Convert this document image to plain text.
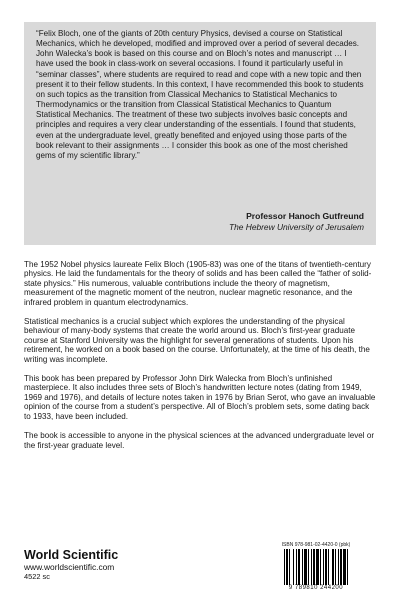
“Felix Bloch, one of the giants of 20th century Physics, devised a course on Statistical Mechanics, which he developed, modified and improved over a period of several decades. John Walecka’s book is based on this course and on Bloch’s notes and manuscript … I have used the book in class-work on several occasions. I found it particularly useful in “seminar classes”, where students are required to read and cope with a new topic and then present it to their fellow students. In this context, I have recommended this book to students on such topics as the transition from Classical Mechanics to Statistical Mechanics to Thermodynamics or the transition from Classical Statistical Mechanics to Quantum Statistical Mechanics. The treatment of these two subjects involves basic concepts and principles and requires a very clear understanding of the essentials. I found that students, even at the undergraduate level, greatly benefited and enjoyed using those parts of the book relevant to their assignments … I consider this book as one of the most cherished gems of my scientific library.”

Professor Hanoch Gutfreund
The Hebrew University of Jerusalem

The 1952 Nobel physics laureate Felix Bloch (1905-83) was one of the titans of twentieth-century physics. He laid the fundamentals for the theory of solids and has been called the “father of solid-state physics.” His numerous, valuable contributions include the theory of magnetism, measurement of the magnetic moment of the neutron, nuclear magnetic resonance, and the infrared problem in quantum electrodynamics.

Statistical mechanics is a crucial subject which explores the understanding of the physical behaviour of many-body systems that create the world around us. Bloch’s first-year graduate course at Stanford University was the highlight for several generations of students. Upon his retirement, he worked on a book based on the course. Unfortunately, at the time of his death, the writing was incomplete.

This book has been prepared by Professor John Dirk Walecka from Bloch’s unfinished masterpiece. It also includes three sets of Bloch’s handwritten lecture notes (dating from 1949, 1969 and 1976), and details of lecture notes taken in 1976 by Brian Serot, who gave an invaluable opinion of the course from a student’s perspective. All of Bloch’s problem sets, some dating back to 1933, have been included.

The book is accessible to anyone in the physical sciences at the advanced undergraduate level or the first-year graduate level.

World Scientific
www.worldscientific.com
4522 sc
ISBN 978-981-02-4420-0 (pbk)
9 789810 244200
